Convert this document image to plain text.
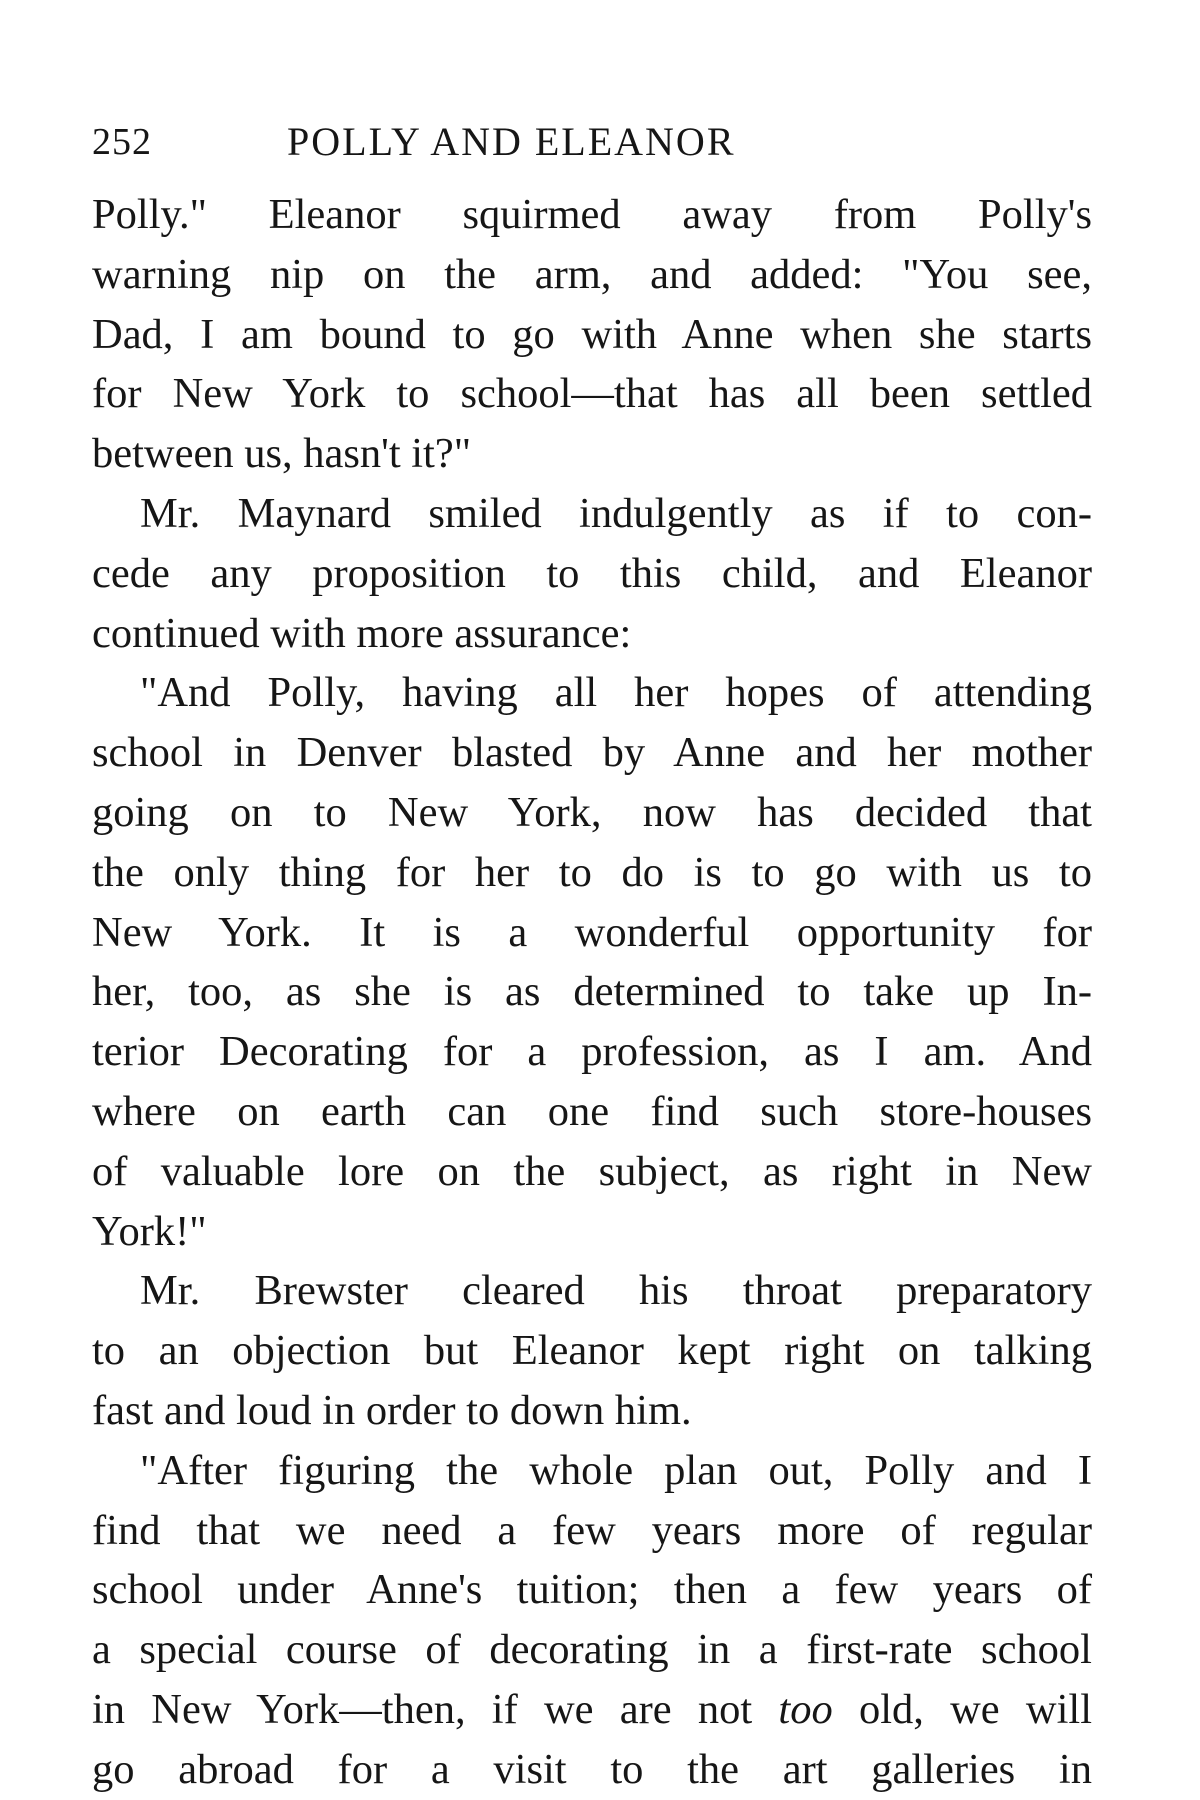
252	POLLY AND ELEANOR
Polly." Eleanor squirmed away from Polly's
warning nip on the arm, and added: "You see,
Dad, I am bound to go with Anne when she starts
for New York to school—that has all been settled
between us, hasn't it?"
Mr. Maynard smiled indulgently as if to con-
cede any proposition to this child, and Eleanor
continued with more assurance:
"And Polly, having all her hopes of attending
school in Denver blasted by Anne and her mother
going on to New York, now has decided that
the only thing for her to do is to go with us to
New York. It is a wonderful opportunity for
her, too, as she is as determined to take up In-
terior Decorating for a profession, as I am. And
where on earth can one find such store-houses
of valuable lore on the subject, as right in New
York!"
Mr. Brewster cleared his throat preparatory
to an objection but Eleanor kept right on talking
fast and loud in order to down him.
"After figuring the whole plan out, Polly and I
find that we need a few years more of regular
school under Anne's tuition; then a few years of
a special course of decorating in a first-rate school
in New York—then, if we are not too old, we will
go abroad for a visit to the art galleries in
